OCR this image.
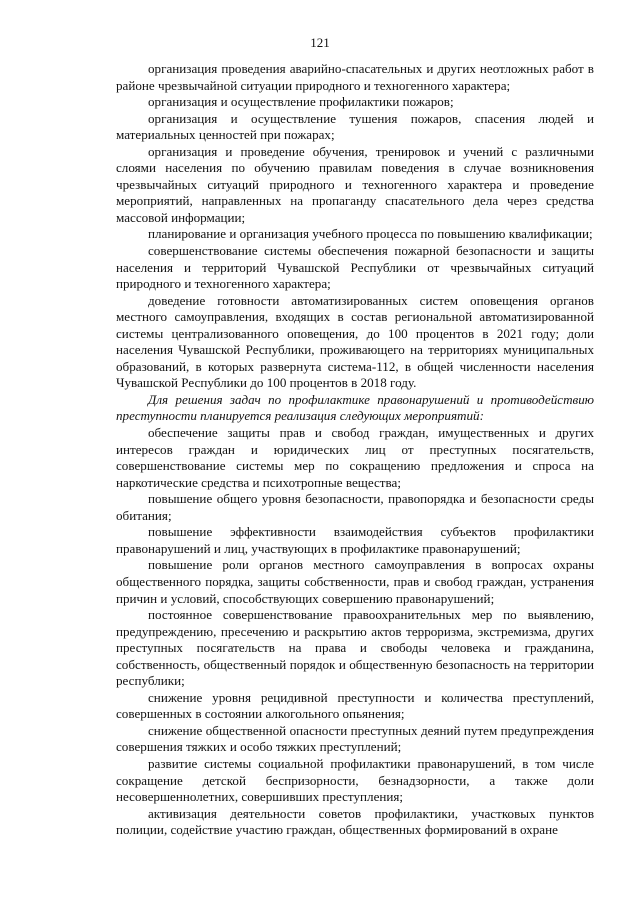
121

организация проведения аварийно-спасательных и других неотложных работ в районе чрезвычайной ситуации природного и техногенного характера;

организация и осуществление профилактики пожаров;

организация и осуществление тушения пожаров, спасения людей и материальных ценностей при пожарах;

организация и проведение обучения, тренировок и учений с различными слоями населения по обучению правилам поведения в случае возникновения чрезвычайных ситуаций природного и техногенного характера и проведение мероприятий, направленных на пропаганду спасательного дела через средства массовой информации;

планирование и организация учебного процесса по повышению квалификации;

совершенствование системы обеспечения пожарной безопасности и защиты населения и территорий Чувашской Республики от чрезвычайных ситуаций природного и техногенного характера;

доведение готовности автоматизированных систем оповещения органов местного самоуправления, входящих в состав региональной автоматизированной системы централизованного оповещения, до 100 процентов в 2021 году; доли населения Чувашской Республики, проживающего на территориях муниципальных образований, в которых развернута система-112, в общей численности населения Чувашской Республики до 100 процентов в 2018 году.

Для решения задач по профилактике правонарушений и противодействию преступности планируется реализация следующих мероприятий:

обеспечение защиты прав и свобод граждан, имущественных и других интересов граждан и юридических лиц от преступных посягательств, совершенствование системы мер по сокращению предложения и спроса на наркотические средства и психотропные вещества;

повышение общего уровня безопасности, правопорядка и безопасности среды обитания;

повышение эффективности взаимодействия субъектов профилактики правонарушений и лиц, участвующих в профилактике правонарушений;

повышение роли органов местного самоуправления в вопросах охраны общественного порядка, защиты собственности, прав и свобод граждан, устранения причин и условий, способствующих совершению правонарушений;

постоянное совершенствование правоохранительных мер по выявлению, предупреждению, пресечению и раскрытию актов терроризма, экстремизма, других преступных посягательств на права и свободы человека и гражданина, собственность, общественный порядок и общественную безопасность на территории республики;

снижение уровня рецидивной преступности и количества преступлений, совершенных в состоянии алкогольного опьянения;

снижение общественной опасности преступных деяний путем предупреждения совершения тяжких и особо тяжких преступлений;

развитие системы социальной профилактики правонарушений, в том числе сокращение детской беспризорности, безнадзорности, а также доли несовершеннолетних, совершивших преступления;

активизация деятельности советов профилактики, участковых пунктов полиции, содействие участию граждан, общественных формирований в охране
